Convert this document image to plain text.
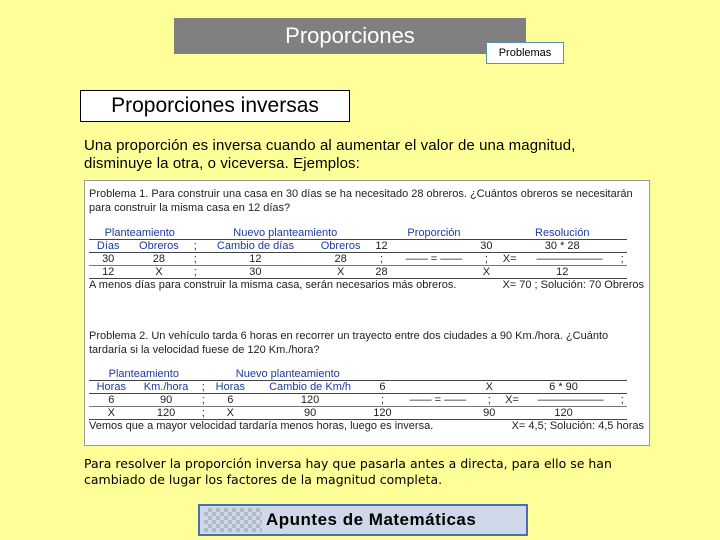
Proporciones
Problemas
Proporciones inversas
Una proporción es inversa cuando al aumentar el valor de una magnitud, disminuye la otra, o viceversa. Ejemplos:
Problema 1. Para construir una casa en 30 días se ha necesitado 28 obreros. ¿Cuántos obreros se necesitarán para construir la misma casa en 12 días?
Planteamiento			Nuevo planteamiento		Proporción			Resolución		
Días	Obreros	;	Cambio de días	Obreros	12		30	30 * 28		
30	28	;	12	28	;	—— = ——	;	X=	——————	;
12	X	;	30	X	28		X	12		
A menos días para construir la misma casa, serán necesarios más obreros.	X= 70 ; Solución: 70 Obreros
Problema 2. Un vehículo tarda 6 horas en recorrer un trayecto entre dos ciudades a 90 Km./hora. ¿Cuánto tardaría si la velocidad fuese de 120 Km./hora?
Planteamiento			Nuevo planteamiento							
Horas	Km./hora	;	Horas	Cambio de Km/h	6		X	6 * 90		
6	90	;	6	120	;	—— = ——	;	X=	——————	;
X	120	;	X	90	120		90	120		
Vemos que a mayor velocidad tardaría menos horas, luego es inversa.	X= 4,5; Solución: 4,5 horas
Para resolver la proporción inversa hay que pasarla antes a directa, para ello se han cambiado de lugar los factores de la magnitud completa.
Apuntes de Matemáticas
